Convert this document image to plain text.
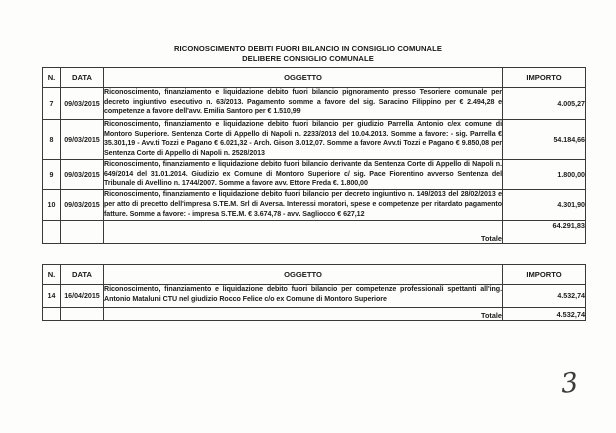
RICONOSCIMENTO DEBITI FUORI BILANCIO IN CONSIGLIO COMUNALE
DELIBERE CONSIGLIO COMUNALE
N.	DATA	OGGETTO	IMPORTO
7	09/03/2015	Riconoscimento, finanziamento e liquidazione debito fuori bilancio pignoramento presso Tesoriere comunale per decreto ingiuntivo esecutivo n. 63/2013. Pagamento somme a favore del sig. Saracino Filippino per € 2.494,28 e competenze a favore dell'avv. Emilia Santoro per € 1.510,99	4.005,27
8	09/03/2015	Riconoscimento, finanziamento e liquidazione debito fuori bilancio per giudizio Parrella Antonio c/ex comune di Montoro Superiore. Sentenza Corte di Appello di Napoli n. 2233/2013 del 10.04.2013. Somme a favore: - sig. Parrella € 35.301,19 - Avv.ti Tozzi e Pagano € 6.021,32 - Arch. Gison 3.012,07. Somme a favore Avv.ti Tozzi e Pagano € 9.850,08 per Sentenza Corte di Appello di Napoli n. 2528/2013	54.184,66
9	09/03/2015	Riconoscimento, finanziamento e liquidazione debito fuori bilancio derivante da Sentenza Corte di Appello di Napoli n. 649/2014 del 31.01.2014. Giudizio ex Comune di Montoro Superiore c/ sig. Pace Fiorentino avverso Sentenza del Tribunale di Avellino n. 1744/2007. Somme a favore avv. Ettore Freda €. 1.800,00	1.800,00
10	09/03/2015	Riconoscimento, finanziamento e liquidazione debito fuori bilancio per decreto ingiuntivo n. 149/2013 del 28/02/2013 e per atto di precetto dell'impresa S.TE.M. Srl di Aversa. Interessi moratori, spese e competenze per ritardato pagamento fatture. Somme a favore: - impresa S.TE.M. € 3.674,78 - avv. Sagliocco € 627,12	4.301,90
		Totale	64.291,83
N.	DATA	OGGETTO	IMPORTO
14	16/04/2015	Riconoscimento, finanziamento e liquidazione debito fuori bilancio per competenze professionali spettanti all'ing. Antonio Mataluni CTU nel giudizio Rocco Felice c/o ex Comune di Montoro Superiore	4.532,74
		Totale	4.532,74
3
